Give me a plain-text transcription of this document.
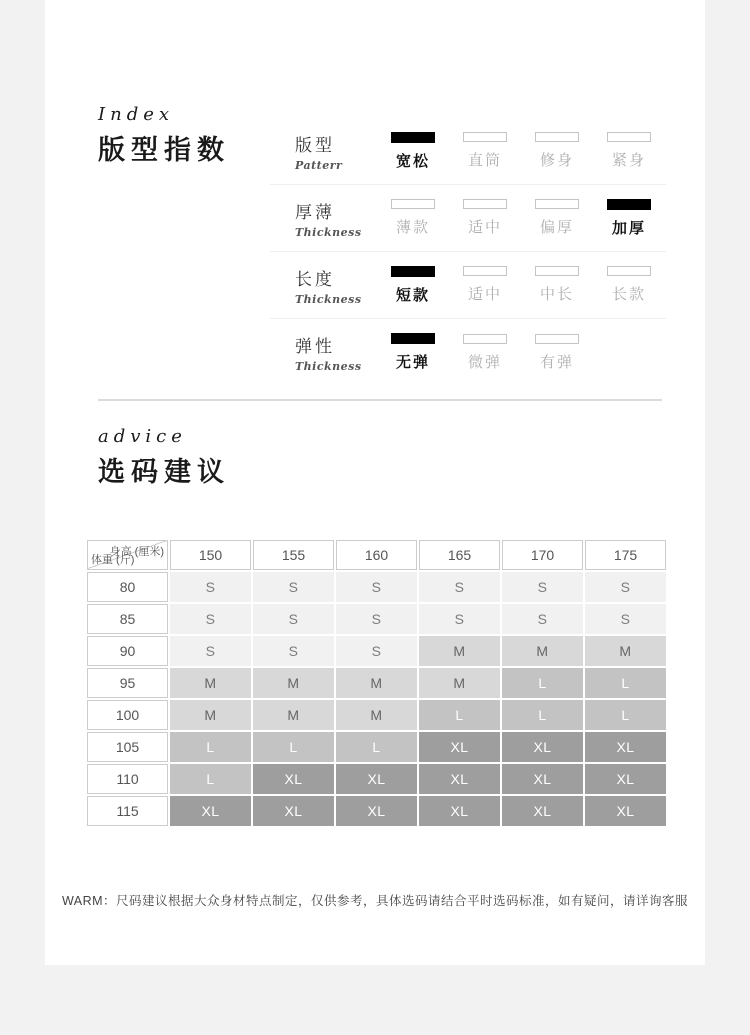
Index
版型指数	版型
Patterr	宽松	直筒	修身	紧身
厚薄
Thickness	薄款	适中	偏厚	加厚
长度
Thickness	短款	适中	中长	长款
弹性
Thickness	无弹	微弹	有弹
advice
选码建议
身高 (厘米)
体重 (斤)	150	155	160	165	170	175
80	S	S	S	S	S	S
85	S	S	S	S	S	S
90	S	S	S	M	M	M
95	M	M	M	M	L	L
100	M	M	M	L	L	L
105	L	L	L	XL	XL	XL
110	L	XL	XL	XL	XL	XL
115	XL	XL	XL	XL	XL	XL

WARM：尺码建议根据大众身材特点制定，仅供参考，具体选码请结合平时选码标准，如有疑问，请详询客服
